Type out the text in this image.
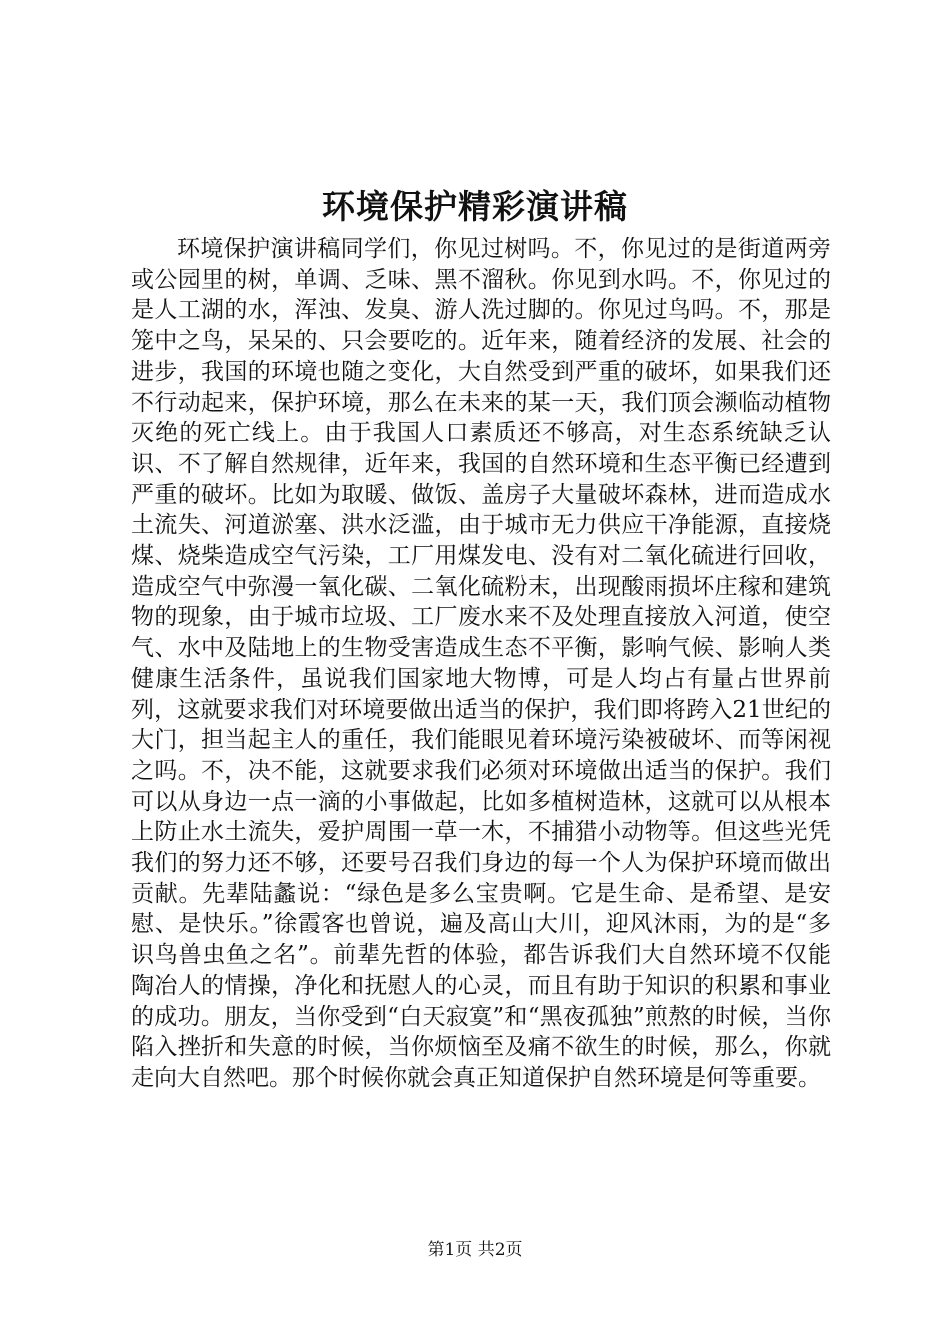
环境保护精彩演讲稿
环境保护演讲稿同学们，你见过树吗。不，你见过的是街道两旁或公园里的树，单调、乏味、黑不溜秋。你见到水吗。不，你见过的是人工湖的水，浑浊、发臭、游人洗过脚的。你见过鸟吗。不，那是笼中之鸟，呆呆的、只会要吃的。近年来，随着经济的发展、社会的进步，我国的环境也随之变化，大自然受到严重的破坏，如果我们还不行动起来，保护环境，那么在未来的某一天，我们顶会濒临动植物灭绝的死亡线上。由于我国人口素质还不够高，对生态系统缺乏认识、不了解自然规律，近年来，我国的自然环境和生态平衡已经遭到严重的破坏。比如为取暖、做饭、盖房子大量破坏森林，进而造成水土流失、河道淤塞、洪水泛滥，由于城市无力供应干净能源，直接烧煤、烧柴造成空气污染，工厂用煤发电、没有对二氧化硫进行回收，造成空气中弥漫一氧化碳、二氧化硫粉末，出现酸雨损坏庄稼和建筑物的现象，由于城市垃圾、工厂废水来不及处理直接放入河道，使空气、水中及陆地上的生物受害造成生态不平衡，影响气候、影响人类健康生活条件，虽说我们国家地大物博，可是人均占有量占世界前列，这就要求我们对环境要做出适当的保护，我们即将跨入21世纪的大门，担当起主人的重任，我们能眼见着环境污染被破坏、而等闲视之吗。不，决不能，这就要求我们必须对环境做出适当的保护。我们可以从身边一点一滴的小事做起，比如多植树造林，这就可以从根本上防止水土流失，爱护周围一草一木，不捕猎小动物等。但这些光凭我们的努力还不够，还要号召我们身边的每一个人为保护环境而做出贡献。先辈陆蠡说：“绿色是多么宝贵啊。它是生命、是希望、是安慰、是快乐。”徐霞客也曾说，遍及高山大川，迎风沐雨，为的是“多识鸟兽虫鱼之名”。前辈先哲的体验，都告诉我们大自然环境不仅能陶冶人的情操，净化和抚慰人的心灵，而且有助于知识的积累和事业的成功。朋友，当你受到“白天寂寞”和“黑夜孤独”煎熬的时候，当你陷入挫折和失意的时候，当你烦恼至及痛不欲生的时候，那么，你就走向大自然吧。那个时候你就会真正知道保护自然环境是何等重要。
第1页 共2页
